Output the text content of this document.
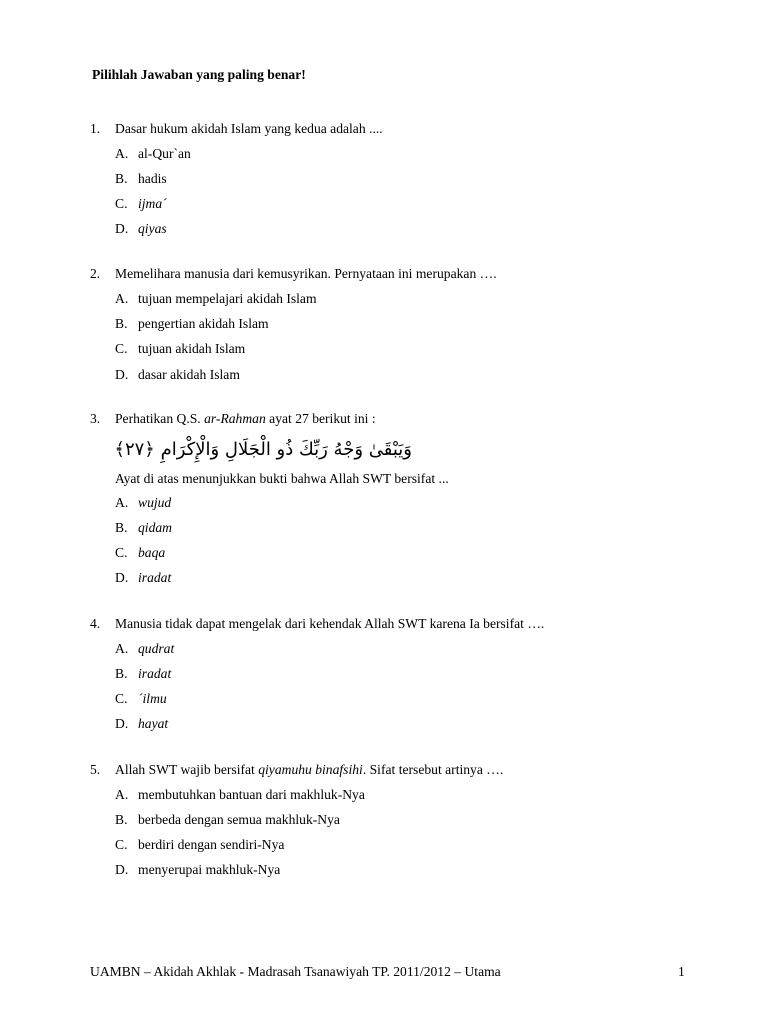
Pilihlah Jawaban yang paling benar!

1. Dasar hukum akidah Islam yang kedua adalah ....
A. al-Qur`an
B. hadis
C. ijma´
D. qiyas
2. Memelihara manusia dari kemusyrikan. Pernyataan ini merupakan ….
A. tujuan mempelajari akidah Islam
B. pengertian akidah Islam
C. tujuan akidah Islam
D. dasar akidah Islam
3. Perhatikan Q.S. ar-Rahman ayat 27 berikut ini :
وَيَبْقَىٰ وَجْهُ رَبِّكَ ذُو الْجَلَالِ وَالْإِكْرَامِ ﴿٢٧﴾
Ayat di atas menunjukkan bukti bahwa Allah SWT bersifat ...
A. wujud
B. qidam
C. baqa
D. iradat
4. Manusia tidak dapat mengelak dari kehendak Allah SWT karena Ia bersifat ….
A. qudrat
B. iradat
C. ´ilmu
D. hayat
5. Allah SWT wajib bersifat qiyamuhu binafsihi. Sifat tersebut artinya ….
A. membutuhkan bantuan dari makhluk-Nya
B. berbeda dengan semua makhluk-Nya
C. berdiri dengan sendiri-Nya
D. menyerupai makhluk-Nya
UAMBN – Akidah Akhlak - Madrasah Tsanawiyah TP. 2011/2012 – Utama	1
